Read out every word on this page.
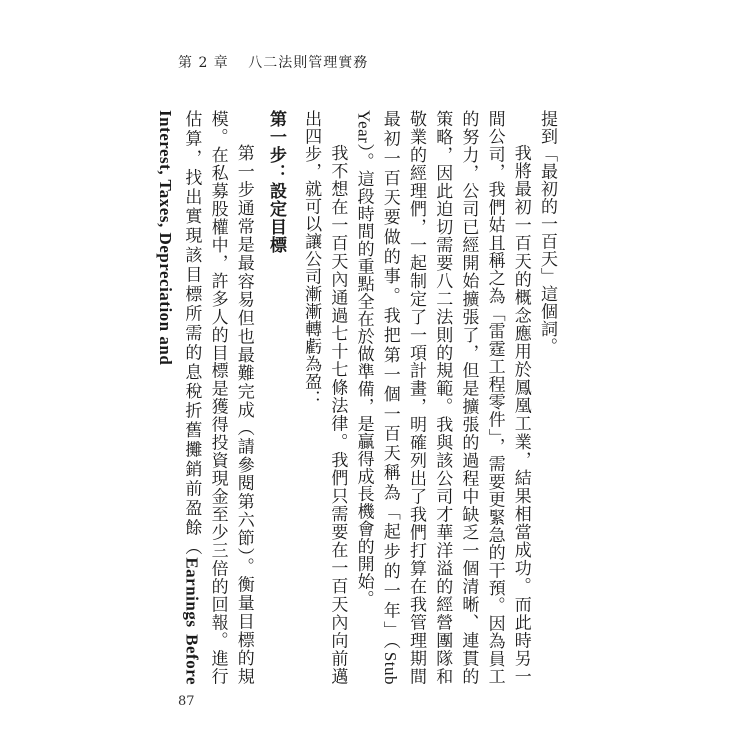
第 2 章 八二法則管理實務

提到「最初的一百天」這個詞。

我將最初一百天的概念應用於鳳凰工業，結果相當成功。而此時另一間公司，我們姑且稱之為「雷霆工程零件」，需要更緊急的干預。因為員工的努力，公司已經開始擴張了，但是擴張的過程中缺乏一個清晰、連貫的策略，因此迫切需要八二法則的規範。我與該公司才華洋溢的經營團隊和敬業的經理們，一起制定了一項計畫，明確列出了我們打算在我管理期間最初一百天要做的事。我把第一個一百天稱為「起步的一年」（Stub Year）。這段時間的重點全在於做準備，是贏得成長機會的開始。

我不想在一百天內通過七十七條法律。我們只需要在一百天內向前邁出四步，就可以讓公司漸漸轉虧為盈：

第一步：設定目標

第一步通常是最容易但也最難完成（請參閱第六節）。衡量目標的規模。在私募股權中，許多人的目標是獲得投資現金至少三倍的回報。進行估算，找出實現該目標所需的息稅折舊攤銷前盈餘（Earnings Before Interest, Taxes, Depreciation and

87
